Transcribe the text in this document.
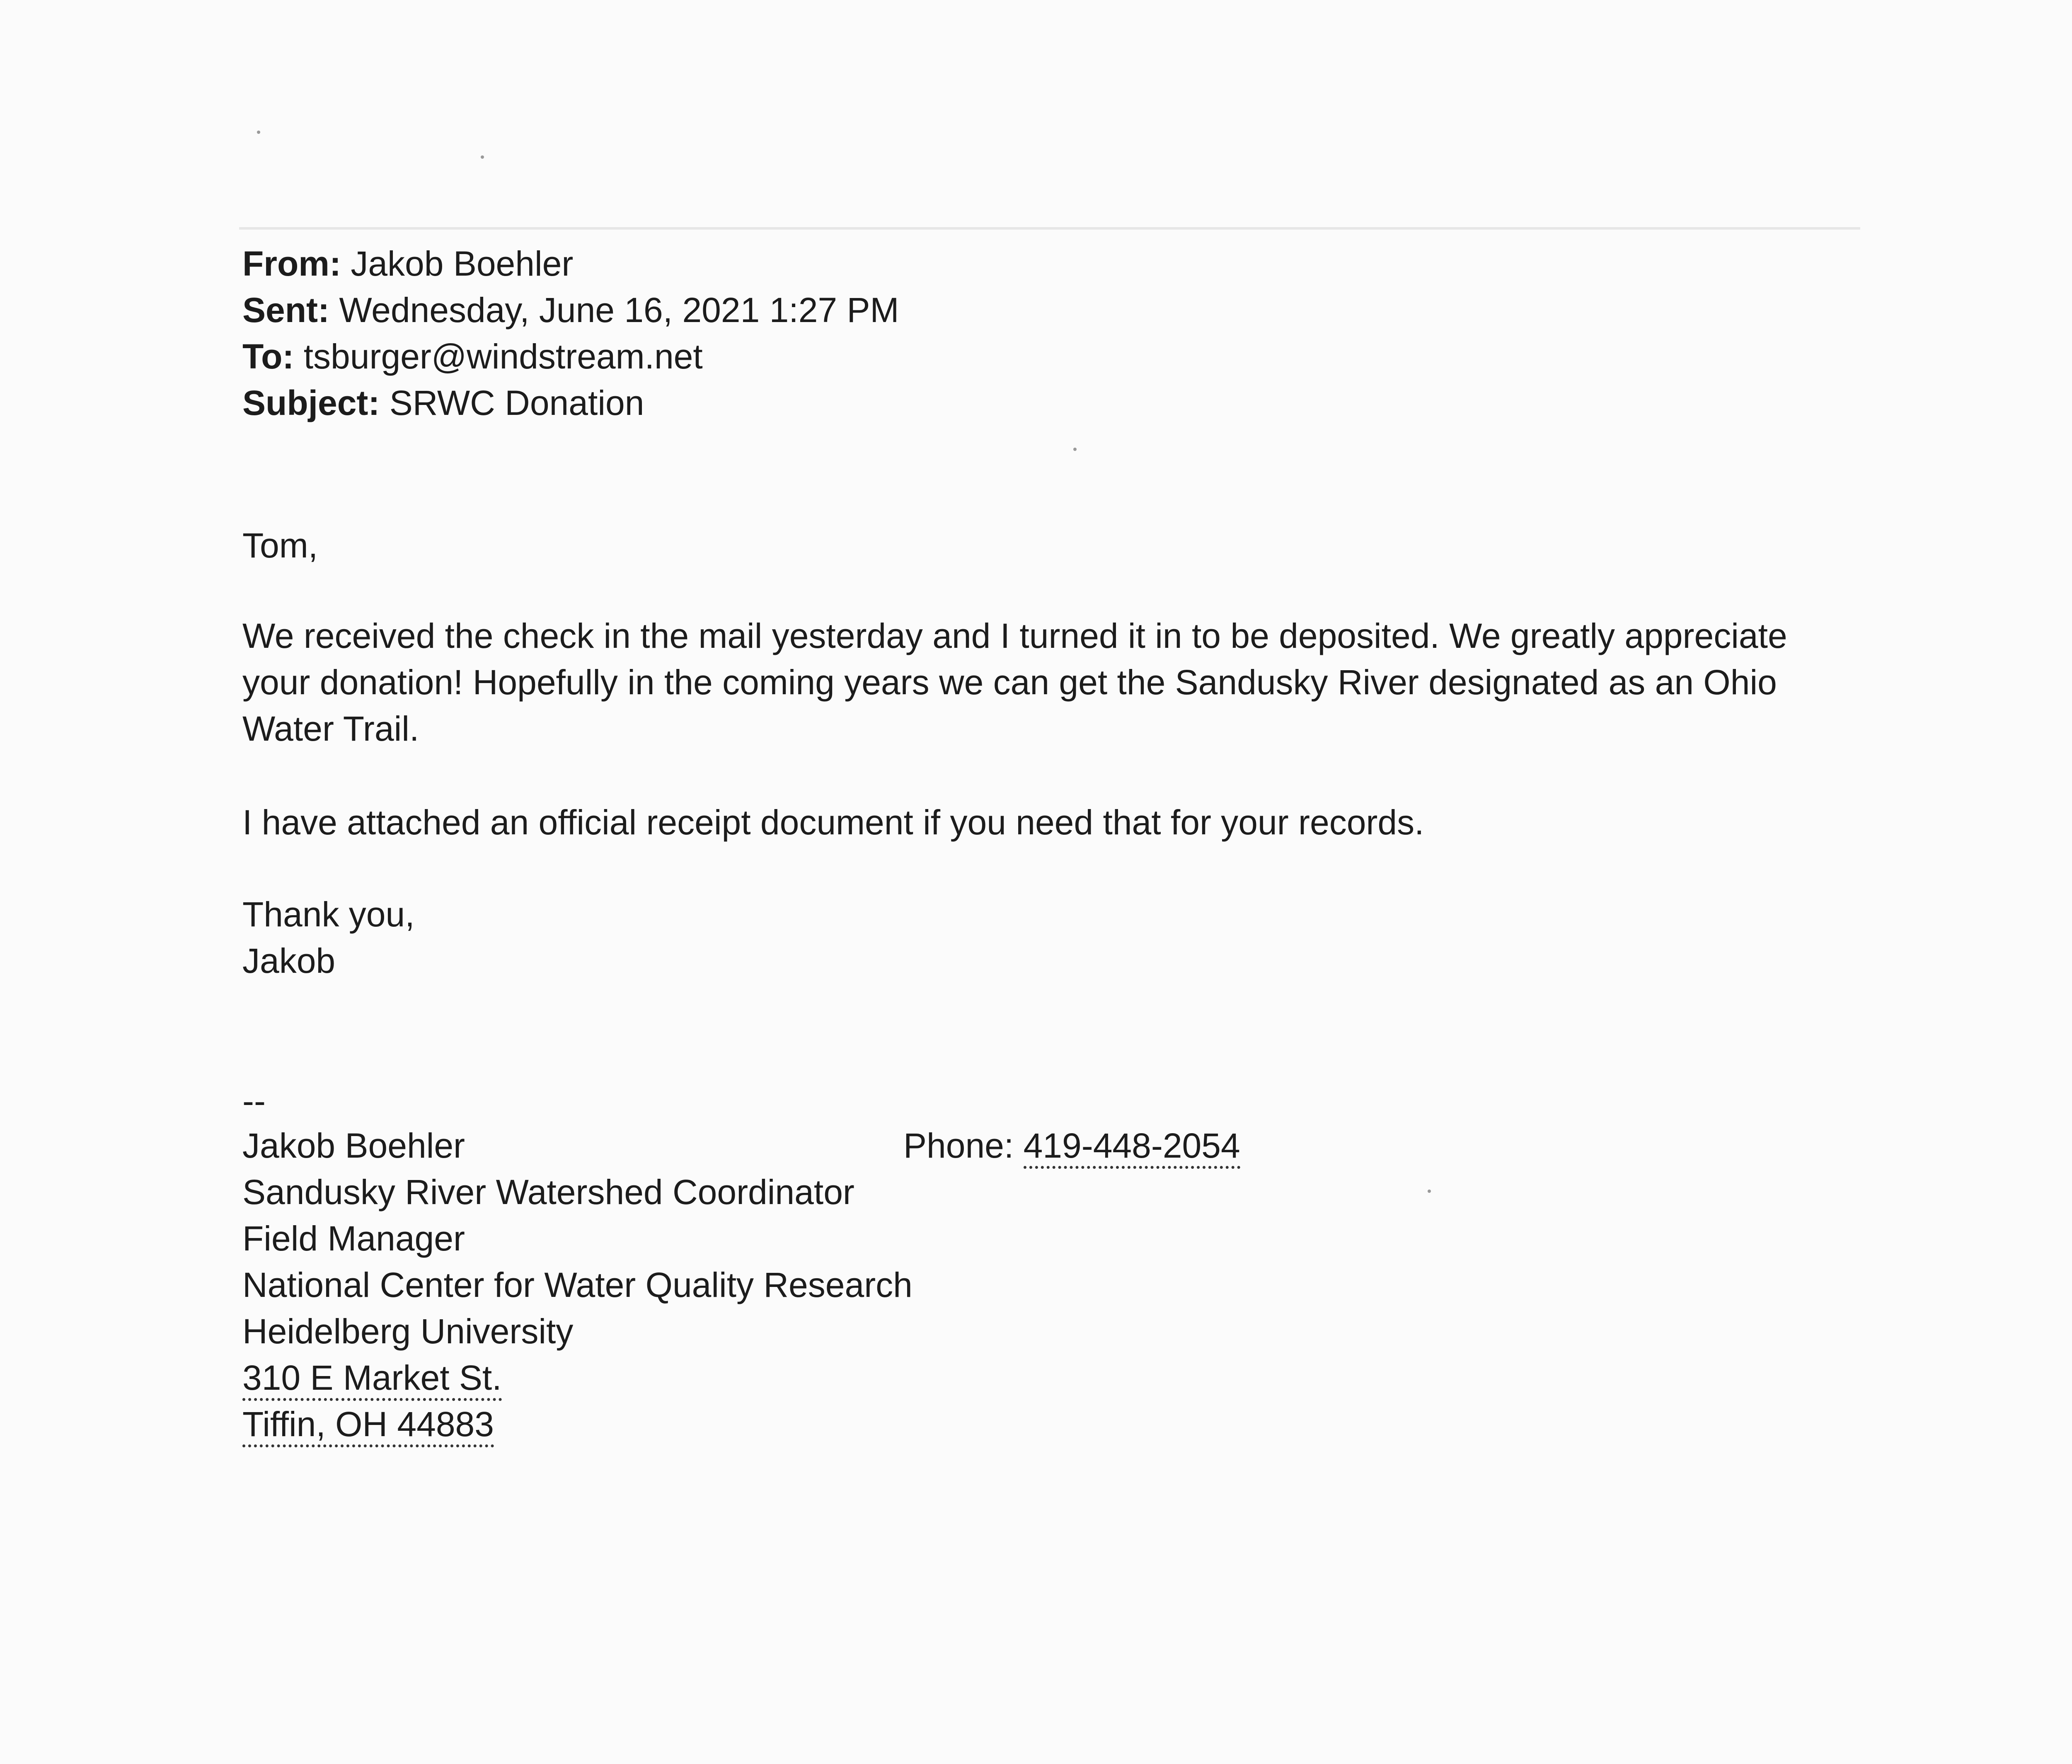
From: Jakob Boehler
Sent: Wednesday, June 16, 2021 1:27 PM
To: tsburger@windstream.net
Subject: SRWC Donation
Tom,
We received the check in the mail yesterday and I turned it in to be deposited. We greatly appreciate
your donation! Hopefully in the coming years we can get the Sandusky River designated as an Ohio
Water Trail.
I have attached an official receipt document if you need that for your records.
Thank you,
Jakob
--
Jakob Boehler
Sandusky River Watershed Coordinator
Field Manager
National Center for Water Quality Research
Heidelberg University
310 E Market St.
Tiffin, OH 44883
Phone: 419-448-2054
